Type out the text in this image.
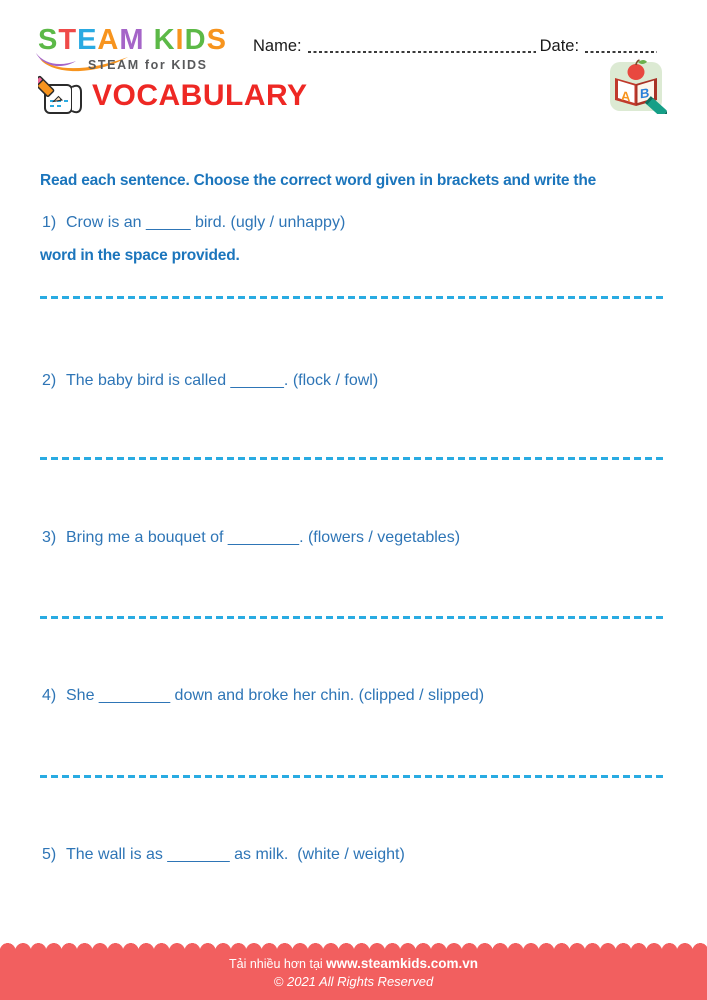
STEAM KIDS
STEAM for KIDS
Name:	Date:
VOCABULARY	A B

Read each sentence. Choose the correct word given in brackets and write the

word in the space provided.

1) Crow is an _____ bird. (ugly / unhappy)
2) The baby bird is called ______. (flock / fowl)
3) Bring me a bouquet of ________. (flowers / vegetables)
4) She ________ down and broke her chin. (clipped / slipped)
5) The wall is as _______ as milk.  (white / weight)
Tải nhiều hơn tại www.steamkids.com.vn
© 2021 All Rights Reserved
